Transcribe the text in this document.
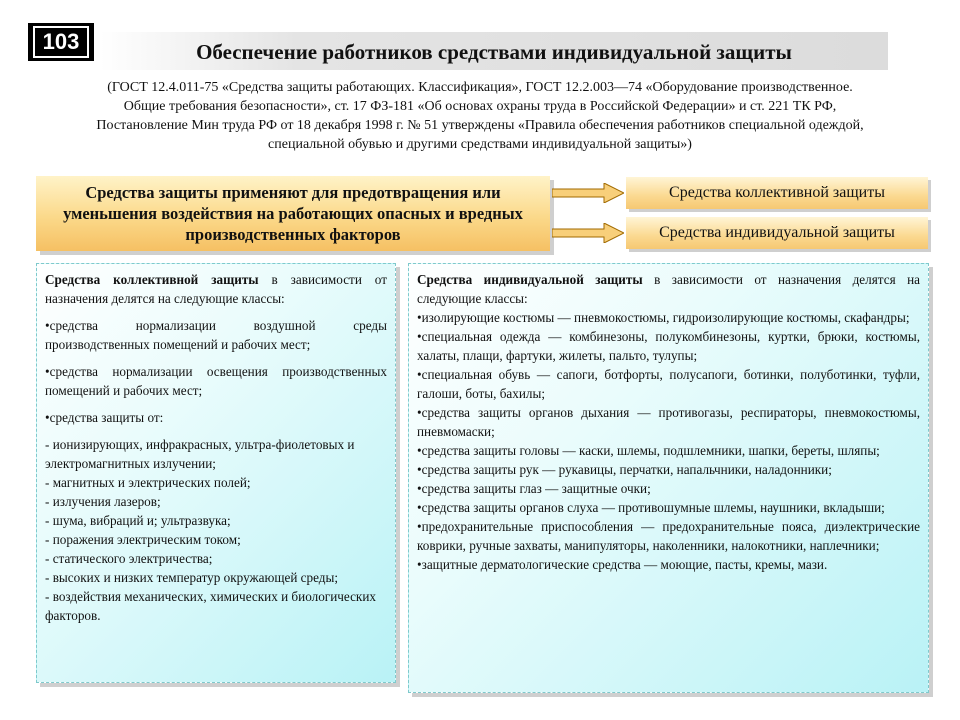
103	Обеспечение работников средствами индивидуальной защиты
(ГОСТ 12.4.011-75 «Средства защиты работающих. Классификация», ГОСТ 12.2.003—74 «Оборудование производственное.
Общие требования безопасности», ст. 17 ФЗ-181 «Об основах охраны труда в Российской Федерации» и ст. 221 ТК РФ,
Постановление Мин труда РФ от 18 декабря 1998 г. № 51 утверждены «Правила обеспечения работников специальной одеждой,
специальной обувью и другими средствами индивидуальной защиты»)
Средства защиты применяют для предотвращения или уменьшения воздействия на работающих опасных и вредных производственных факторов
Средства коллективной защиты
Средства индивидуальной защиты

Средства коллективной защиты в зависимости от назначения делятся на следующие классы:

•средства нормализации воздушной среды производственных помещений и рабочих мест;

•средства нормализации освещения производственных помещений и рабочих мест;

•средства защиты от:

- ионизирующих, инфракрасных, ультра-фиолетовых и электромагнитных излучении;

- магнитных и электрических полей;

- излучения лазеров;

- шума, вибраций и; ультразвука;

- поражения электрическим током;

- статического электричества;

- высоких и низких температур окружающей среды;

- воздействия механических, химических и биологических факторов.

Средства индивидуальной защиты в зависимости от назначения делятся на следующие классы:

•изолирующие костюмы — пневмокостюмы, гидроизолирующие костюмы, скафандры;

•специальная одежда — комбинезоны, полукомбинезоны, куртки, брюки, костюмы, халаты, плащи, фартуки, жилеты, пальто, тулупы;

•специальная обувь — сапоги, ботфорты, полусапоги, ботинки, полуботинки, туфли, галоши, боты, бахилы;

•средства защиты органов дыхания — противогазы, респираторы, пневмокостюмы, пневмомаски;

•средства защиты головы — каски, шлемы, подшлемники, шапки, береты, шляпы;

•средства защиты рук — рукавицы, перчатки, напальчники, наладонники;

•средства защиты глаз — защитные очки;

•средства защиты органов слуха — противошумные шлемы, наушники, вкладыши;

•предохранительные приспособления — предохранительные пояса, диэлектрические коврики, ручные захваты, манипуляторы, наколенники, налокотники, наплечники;

•защитные дерматологические средства — моющие, пасты, кремы, мази.
